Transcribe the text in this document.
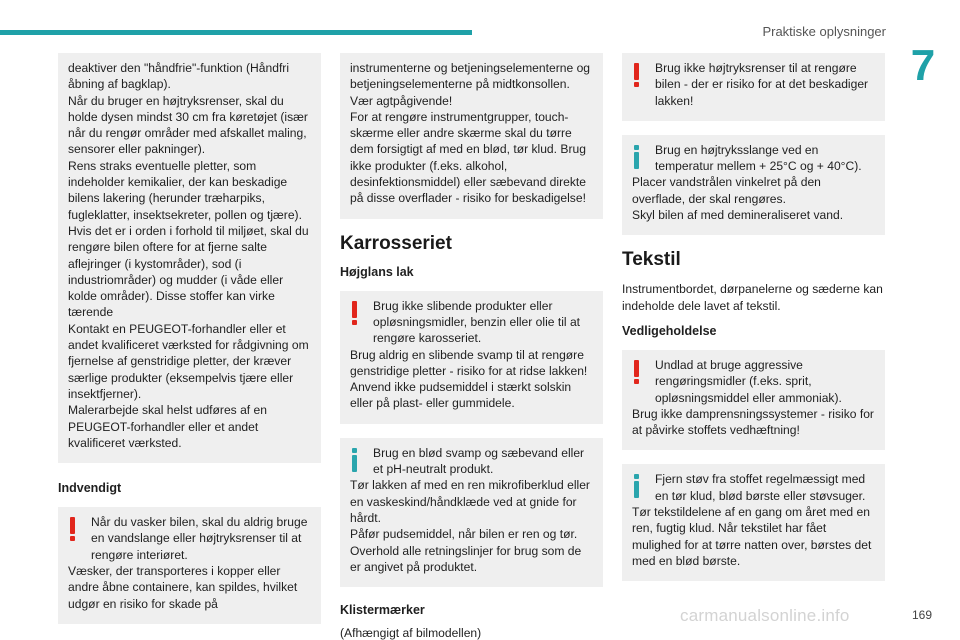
Praktiske oplysninger
7

deaktiver den "håndfrie"-funktion (Håndfri åbning af bagklap).

Når du bruger en højtryksrenser, skal du holde dysen mindst 30 cm fra køretøjet (især når du rengør områder med afskallet maling, sensorer eller pakninger).

Rens straks eventuelle pletter, som indeholder kemikalier, der kan beskadige bilens lakering (herunder træharpiks, fugleklatter, insektsekreter, pollen og tjære).

Hvis det er i orden i forhold til miljøet, skal du rengøre bilen oftere for at fjerne salte aflejringer (i kystområder), sod (i industriområder) og mudder (i våde eller kolde områder). Disse stoffer kan virke tærende

Kontakt en PEUGEOT-forhandler eller et andet kvalificeret værksted for rådgivning om fjernelse af genstridige pletter, der kræver særlige produkter (eksempelvis tjære eller insektfjerner).

Malerarbejde skal helst udføres af en PEUGEOT-forhandler eller et andet kvalificeret værksted.

Indvendigt

Når du vasker bilen, skal du aldrig bruge en vandslange eller højtryksrenser til at rengøre interiøret.

Væsker, der transporteres i kopper eller andre åbne containere, kan spildes, hvilket udgør en risiko for skade på

instrumenterne og betjeningselementerne og betjeningselementerne på midtkonsollen. Vær agtpågivende!

For at rengøre instrumentgrupper, touch-skærme eller andre skærme skal du tørre dem forsigtigt af med en blød, tør klud. Brug ikke produkter (f.eks. alkohol, desinfektionsmiddel) eller sæbevand direkte på disse overflader - risiko for beskadigelse!

Karrosseriet
Højglans lak

Brug ikke slibende produkter eller opløsningsmidler, benzin eller olie til at rengøre karosseriet.

Brug aldrig en slibende svamp til at rengøre genstridige pletter - risiko for at ridse lakken!

Anvend ikke pudsemiddel i stærkt solskin eller på plast- eller gummidele.

Brug en blød svamp og sæbevand eller et pH-neutralt produkt.

Tør lakken af med en ren mikrofiberklud eller en vaskeskind/håndklæde ved at gnide for hårdt.

Påfør pudsemiddel, når bilen er ren og tør.

Overhold alle retningslinjer for brug som de er angivet på produktet.

Klistermærker

(Afhængigt af bilmodellen)

Brug ikke højtryksrenser til at rengøre bilen - der er risiko for at det beskadiger lakken!

Brug en højtryksslange ved en temperatur mellem + 25°C og + 40°C).

Placer vandstrålen vinkelret på den overflade, der skal rengøres.

Skyl bilen af med demineraliseret vand.

Tekstil

Instrumentbordet, dørpanelerne og sæderne kan indeholde dele lavet af tekstil.

Vedligeholdelse

Undlad at bruge aggressive rengøringsmidler (f.eks. sprit, opløsningsmiddel eller ammoniak).

Brug ikke damprensningssystemer - risiko for at påvirke stoffets vedhæftning!

Fjern støv fra stoffet regelmæssigt med en tør klud, blød børste eller støvsuger.

Tør tekstildelene af en gang om året med en ren, fugtig klud. Når tekstilet har fået mulighed for at tørre natten over, børstes det med en blød børste.

carmanualsonline.info	169
